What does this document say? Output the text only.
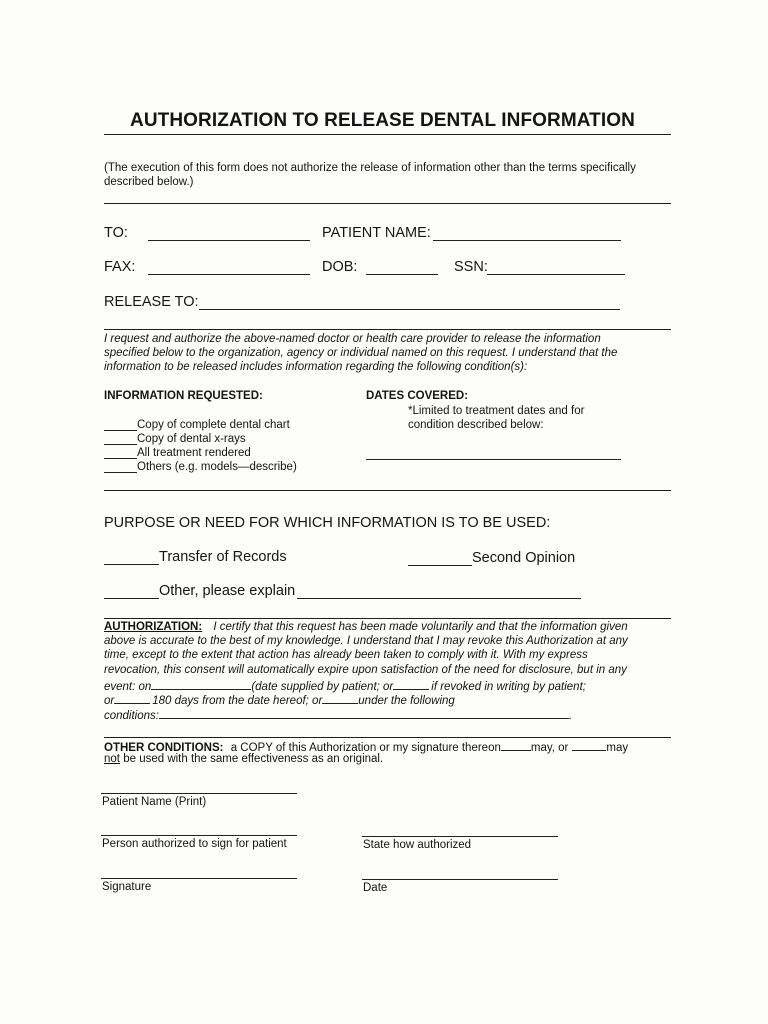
AUTHORIZATION TO RELEASE DENTAL INFORMATION
(The execution of this form does not authorize the release of information other than the terms specifically
described below.)
TO:	PATIENT NAME:
FAX:	DOB:	SSN:
RELEASE TO:
I request and authorize the above-named doctor or health care provider to release the information
specified below to the organization, agency or individual named on this request. I understand that the
information to be released includes information regarding the following condition(s):
INFORMATION REQUESTED:
Copy of complete dental chart
Copy of dental x-rays
All treatment rendered
Others (e.g. models—describe)
DATES COVERED:
*Limited to treatment dates and for
condition described below:
PURPOSE OR NEED FOR WHICH INFORMATION IS TO BE USED:
Transfer of Records	Second Opinion
Other, please explain
AUTHORIZATION: I certify that this request has been made voluntarily and that the information given
above is accurate to the best of my knowledge. I understand that I may revoke this Authorization at any
time, except to the extent that action has already been taken to comply with it. With my express
revocation, this consent will automatically expire upon satisfaction of the need for disclosure, but in any
event: on	(date supplied by patient; or	if revoked in writing by patient;
or	180 days from the date hereof; or	under the following
conditions:	.
OTHER CONDITIONS: a COPY of this Authorization or my signature thereon	may, or	may
not be used with the same effectiveness as an original.
Patient Name (Print)
Person authorized to sign for patient	State how authorized
Signature	Date
